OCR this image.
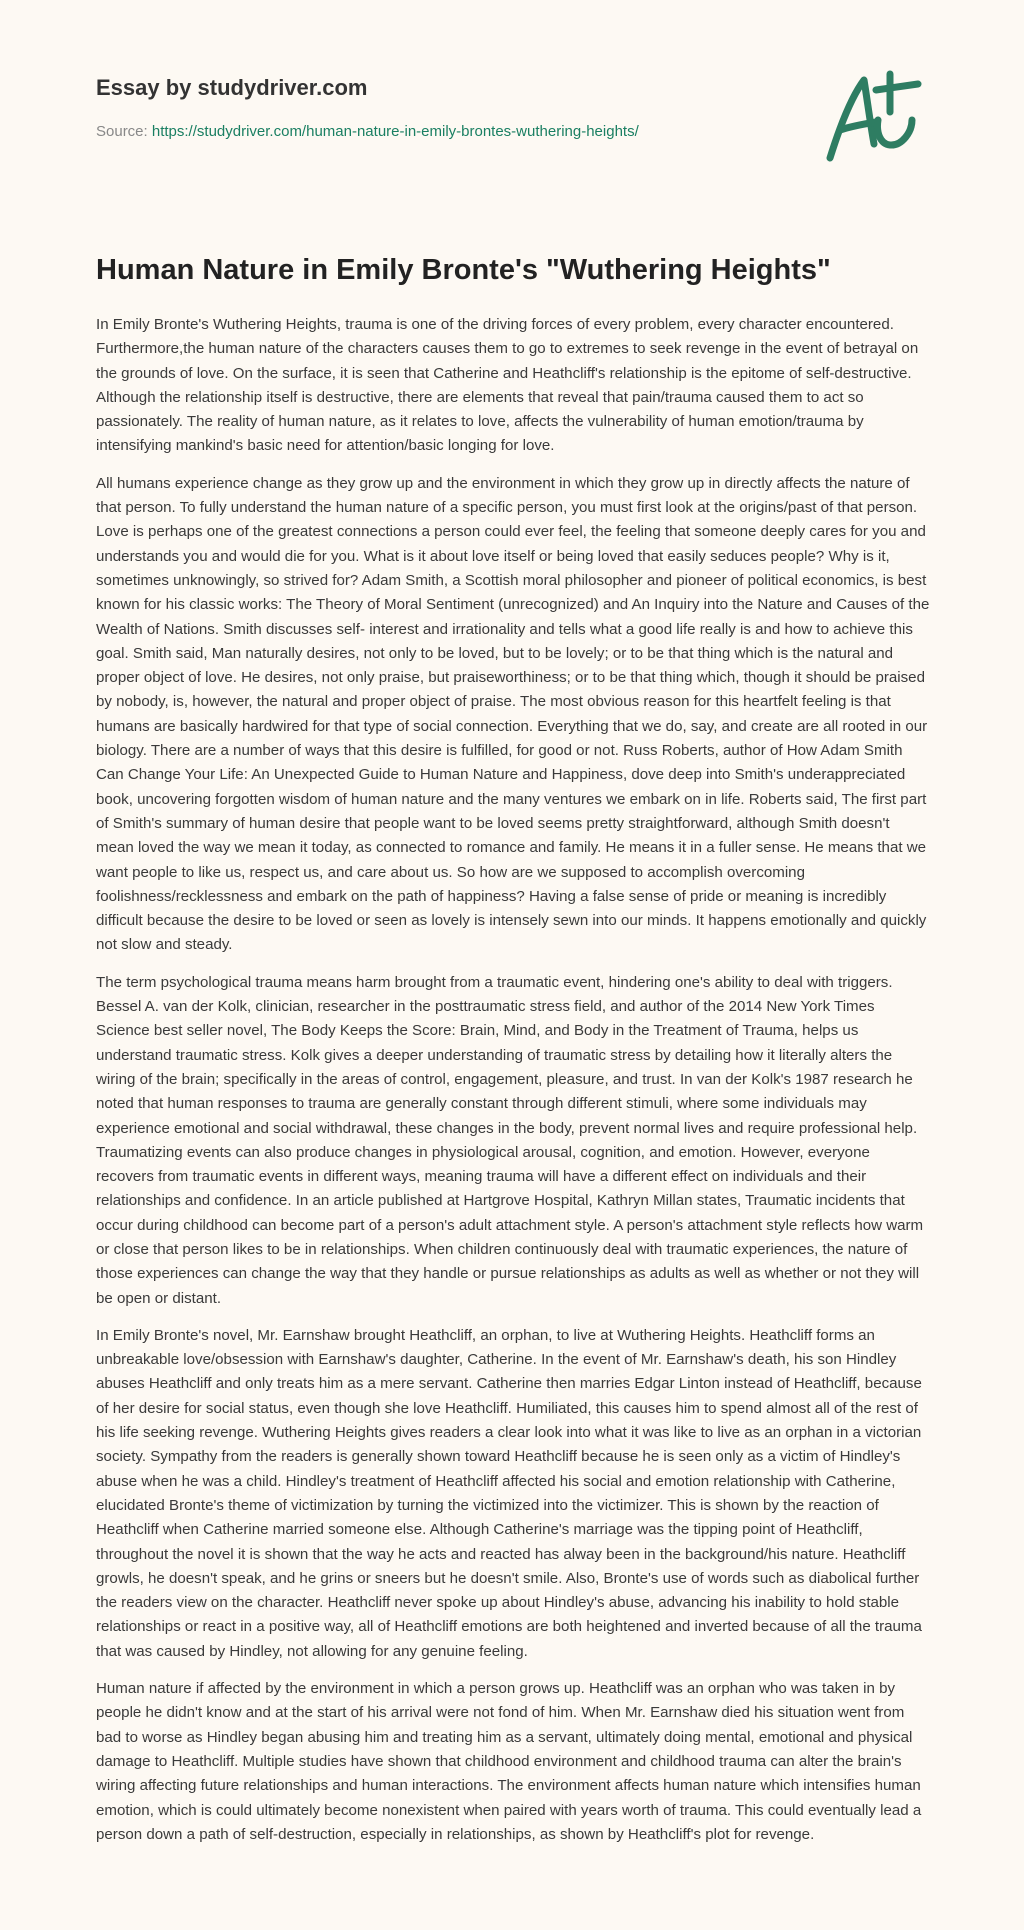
Essay by studydriver.com
Source: https://studydriver.com/human-nature-in-emily-brontes-wuthering-heights/
Human Nature in Emily Bronte's "Wuthering Heights"

In Emily Bronte's Wuthering Heights, trauma is one of the driving forces of every problem, every character encountered. Furthermore,the human nature of the characters causes them to go to extremes to seek revenge in the event of betrayal on the grounds of love. On the surface, it is seen that Catherine and Heathcliff's relationship is the epitome of self-destructive. Although the relationship itself is destructive, there are elements that reveal that pain/trauma caused them to act so passionately. The reality of human nature, as it relates to love, affects the vulnerability of human emotion/trauma by intensifying mankind's basic need for attention/basic longing for love.

All humans experience change as they grow up and the environment in which they grow up in directly affects the nature of that person. To fully understand the human nature of a specific person, you must first look at the origins/past of that person. Love is perhaps one of the greatest connections a person could ever feel, the feeling that someone deeply cares for you and understands you and would die for you. What is it about love itself or being loved that easily seduces people? Why is it, sometimes unknowingly, so strived for? Adam Smith, a Scottish moral philosopher and pioneer of political economics, is best known for his classic works: The Theory of Moral Sentiment (unrecognized) and An Inquiry into the Nature and Causes of the Wealth of Nations. Smith discusses self- interest and irrationality and tells what a good life really is and how to achieve this goal. Smith said, Man naturally desires, not only to be loved, but to be lovely; or to be that thing which is the natural and proper object of love. He desires, not only praise, but praiseworthiness; or to be that thing which, though it should be praised by nobody, is, however, the natural and proper object of praise. The most obvious reason for this heartfelt feeling is that humans are basically hardwired for that type of social connection. Everything that we do, say, and create are all rooted in our biology. There are a number of ways that this desire is fulfilled, for good or not. Russ Roberts, author of How Adam Smith Can Change Your Life: An Unexpected Guide to Human Nature and Happiness, dove deep into Smith's underappreciated book, uncovering forgotten wisdom of human nature and the many ventures we embark on in life. Roberts said, The first part of Smith's summary of human desire that people want to be loved seems pretty straightforward, although Smith doesn't mean loved the way we mean it today, as connected to romance and family. He means it in a fuller sense. He means that we want people to like us, respect us, and care about us. So how are we supposed to accomplish overcoming foolishness/recklessness and embark on the path of happiness? Having a false sense of pride or meaning is incredibly difficult because the desire to be loved or seen as lovely is intensely sewn into our minds. It happens emotionally and quickly not slow and steady.

The term psychological trauma means harm brought from a traumatic event, hindering one's ability to deal with triggers. Bessel A. van der Kolk, clinician, researcher in the posttraumatic stress field, and author of the 2014 New York Times Science best seller novel, The Body Keeps the Score: Brain, Mind, and Body in the Treatment of Trauma, helps us understand traumatic stress. Kolk gives a deeper understanding of traumatic stress by detailing how it literally alters the wiring of the brain; specifically in the areas of control, engagement, pleasure, and trust. In van der Kolk's 1987 research he noted that human responses to trauma are generally constant through different stimuli, where some individuals may experience emotional and social withdrawal, these changes in the body, prevent normal lives and require professional help. Traumatizing events can also produce changes in physiological arousal, cognition, and emotion. However, everyone recovers from traumatic events in different ways, meaning trauma will have a different effect on individuals and their relationships and confidence. In an article published at Hartgrove Hospital, Kathryn Millan states, Traumatic incidents that occur during childhood can become part of a person's adult attachment style. A person's attachment style reflects how warm or close that person likes to be in relationships. When children continuously deal with traumatic experiences, the nature of those experiences can change the way that they handle or pursue relationships as adults as well as whether or not they will be open or distant.

In Emily Bronte's novel, Mr. Earnshaw brought Heathcliff, an orphan, to live at Wuthering Heights. Heathcliff forms an unbreakable love/obsession with Earnshaw's daughter, Catherine. In the event of Mr. Earnshaw's death, his son Hindley abuses Heathcliff and only treats him as a mere servant. Catherine then marries Edgar Linton instead of Heathcliff, because of her desire for social status, even though she love Heathcliff. Humiliated, this causes him to spend almost all of the rest of his life seeking revenge. Wuthering Heights gives readers a clear look into what it was like to live as an orphan in a victorian society. Sympathy from the readers is generally shown toward Heathcliff because he is seen only as a victim of Hindley's abuse when he was a child. Hindley's treatment of Heathcliff affected his social and emotion relationship with Catherine, elucidated Bronte's theme of victimization by turning the victimized into the victimizer. This is shown by the reaction of Heathcliff when Catherine married someone else. Although Catherine's marriage was the tipping point of Heathcliff, throughout the novel it is shown that the way he acts and reacted has alway been in the background/his nature. Heathcliff growls, he doesn't speak, and he grins or sneers but he doesn't smile. Also, Bronte's use of words such as diabolical further the readers view on the character. Heathcliff never spoke up about Hindley's abuse, advancing his inability to hold stable relationships or react in a positive way, all of Heathcliff emotions are both heightened and inverted because of all the trauma that was caused by Hindley, not allowing for any genuine feeling.

Human nature if affected by the environment in which a person grows up. Heathcliff was an orphan who was taken in by people he didn't know and at the start of his arrival were not fond of him. When Mr. Earnshaw died his situation went from bad to worse as Hindley began abusing him and treating him as a servant, ultimately doing mental, emotional and physical damage to Heathcliff. Multiple studies have shown that childhood environment and childhood trauma can alter the brain's wiring affecting future relationships and human interactions. The environment affects human nature which intensifies human emotion, which is could ultimately become nonexistent when paired with years worth of trauma. This could eventually lead a person down a path of self-destruction, especially in relationships, as shown by Heathcliff's plot for revenge.
